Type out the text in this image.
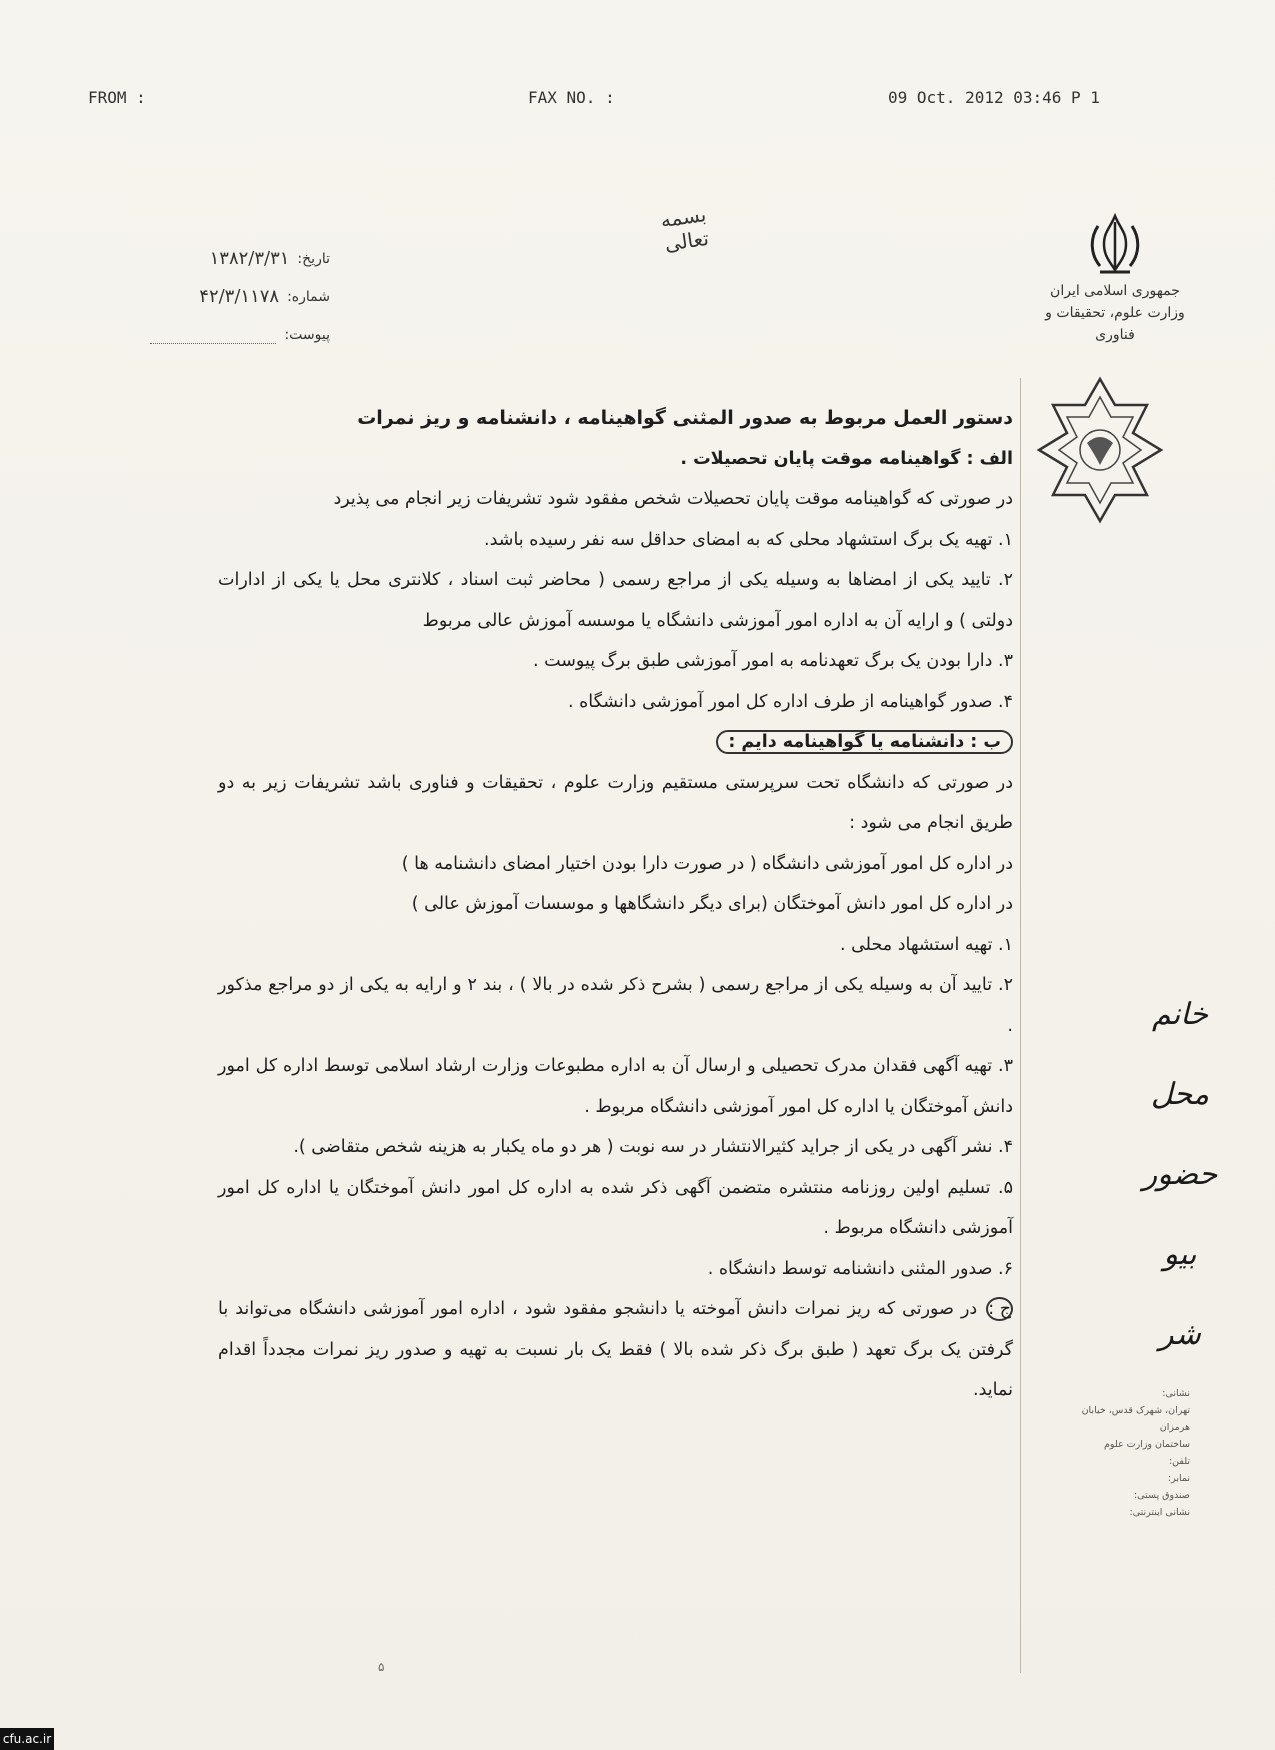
FROM :	FAX NO. :	09 Oct. 2012 03:46 P 1
جمهوری اسلامی ایران
وزارت علوم، تحقیقات و فناوری
بسمه تعالی
تاریخ:
۱۳۸۲/۳/۳۱
شماره:
۴۲/۳/۱۱۷۸
پیوست:

دستور العمل مربوط به صدور المثنی گواهینامه ، دانشنامه و ریز نمرات

الف : گواهینامه موقت پایان تحصیلات .

در صورتی که گواهینامه موقت پایان تحصیلات شخص مفقود شود تشریفات زیر انجام می پذیرد

۱. تهیه یک برگ استشهاد محلی که به امضای حداقل سه نفر رسیده باشد.

۲. تایید یکی از امضاها به وسیله یکی از مراجع رسمی ( محاضر ثبت اسناد ، کلانتری محل یا یکی از ادارات دولتی ) و ارایه آن به اداره امور آموزشی دانشگاه یا موسسه آموزش عالی مربوط

۳. دارا بودن یک برگ تعهدنامه به امور آموزشی طبق برگ پیوست .

۴. صدور گواهینامه از طرف اداره کل امور آموزشی دانشگاه .

ب : دانشنامه یا گواهینامه دایم :

در صورتی که دانشگاه تحت سرپرستی مستقیم وزارت علوم ، تحقیقات و فناوری باشد تشریفات زیر به دو طریق انجام می شود :

در اداره کل امور آموزشی دانشگاه ( در صورت دارا بودن اختیار امضای دانشنامه ها )

در اداره کل امور دانش آموختگان (برای دیگر دانشگاهها و موسسات آموزش عالی )

۱. تهیه استشهاد محلی .

۲. تایید آن به وسیله یکی از مراجع رسمی ( بشرح ذکر شده در بالا ) ، بند ۲ و ارایه به یکی از دو مراجع مذکور .

۳. تهیه آگهی فقدان مدرک تحصیلی و ارسال آن به اداره مطبوعات وزارت ارشاد اسلامی توسط اداره کل امور دانش آموختگان یا اداره کل امور آموزشی دانشگاه مربوط .

۴. نشر آگهی در یکی از جراید کثیرالانتشار در سه نوبت ( هر دو ماه یکبار به هزینه شخص متقاضی ).

۵. تسلیم اولین روزنامه منتشره متضمن آگهی ذکر شده به اداره کل امور دانش آموختگان یا اداره کل امور آموزشی دانشگاه مربوط .

۶. صدور المثنی دانشنامه توسط دانشگاه .

ج : در صورتی که ریز نمرات دانش آموخته یا دانشجو مفقود شود ، اداره امور آموزشی دانشگاه می‌تواند با گرفتن یک برگ تعهد ( طبق برگ ذکر شده بالا ) فقط یک بار نسبت به تهیه و صدور ریز نمرات مجدداً اقدام نماید.

خانم
محل حضور
بیو
شر
نشانی:
تهران، شهرک قدس، خیابان هرمزان
ساختمان وزارت علوم
تلفن:
نمابر:
صندوق پستی:
نشانی اینترنتی:
۵
cfu.ac.ir
